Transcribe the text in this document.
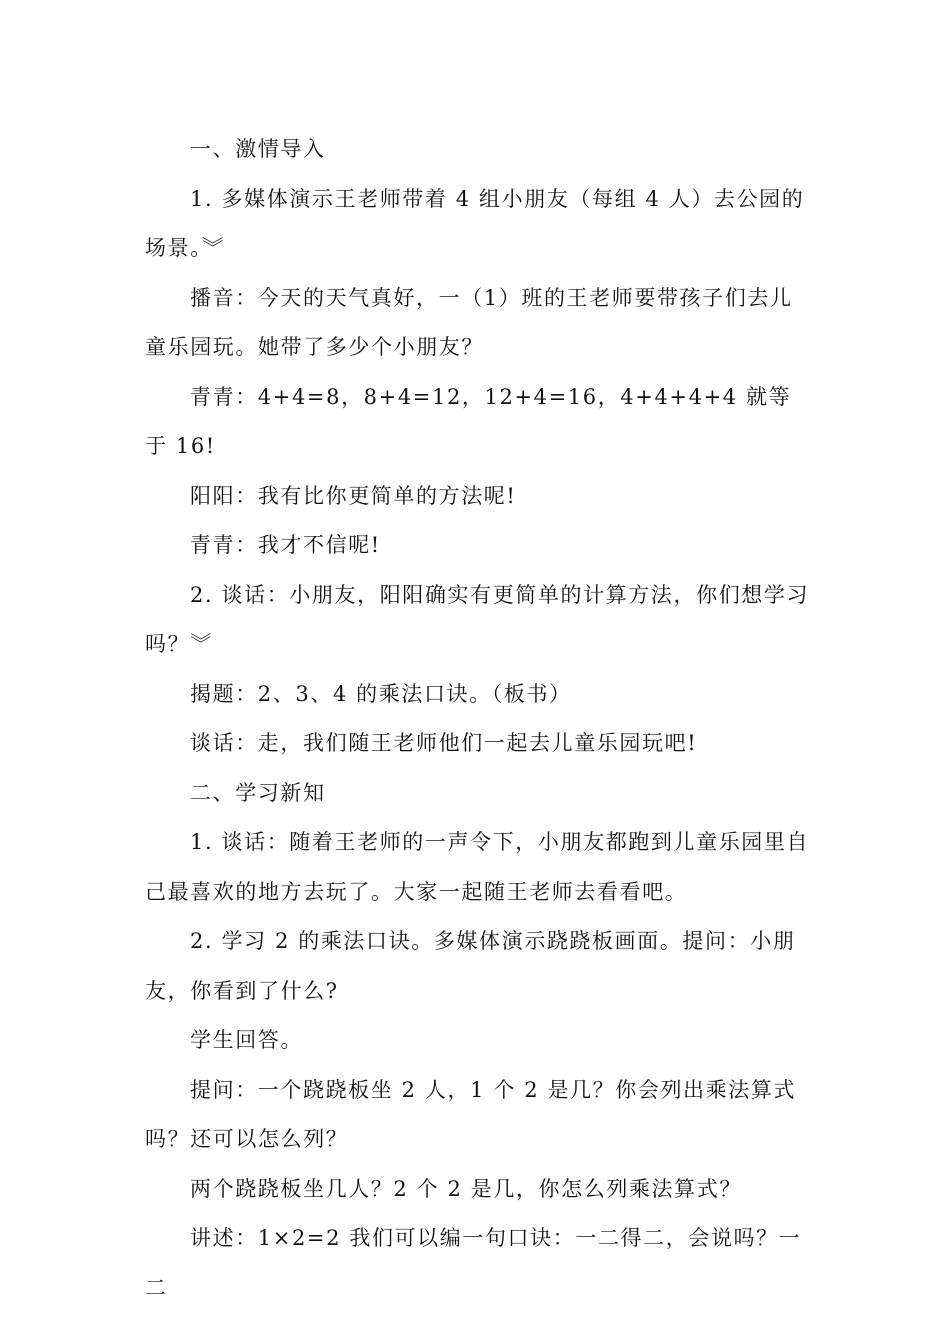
一、激情导入

1. 多媒体演示王老师带着 4 组小朋友（每组 4 人）去公园的场景。︾

播音：今天的天气真好，一（1）班的王老师要带孩子们去儿童乐园玩。她带了多少个小朋友？

青青：4+4=8，8+4=12，12+4=16，4+4+4+4 就等于 16!

阳阳：我有比你更简单的方法呢!

青青：我才不信呢!

2. 谈话：小朋友，阳阳确实有更简单的计算方法，你们想学习吗？︾

揭题：2、3、4 的乘法口诀。（板书）

谈话：走，我们随王老师他们一起去儿童乐园玩吧!

二、学习新知

1. 谈话：随着王老师的一声令下，小朋友都跑到儿童乐园里自己最喜欢的地方去玩了。大家一起随王老师去看看吧。

2. 学习 2 的乘法口诀。多媒体演示跷跷板画面。提问：小朋友，你看到了什么?

学生回答。

提问：一个跷跷板坐 2 人，1 个 2 是几？你会列出乘法算式吗？还可以怎么列？

两个跷跷板坐几人？2 个 2 是几，你怎么列乘法算式？

讲述：1×2=2 我们可以编一句口诀：一二得二，会说吗？一二
